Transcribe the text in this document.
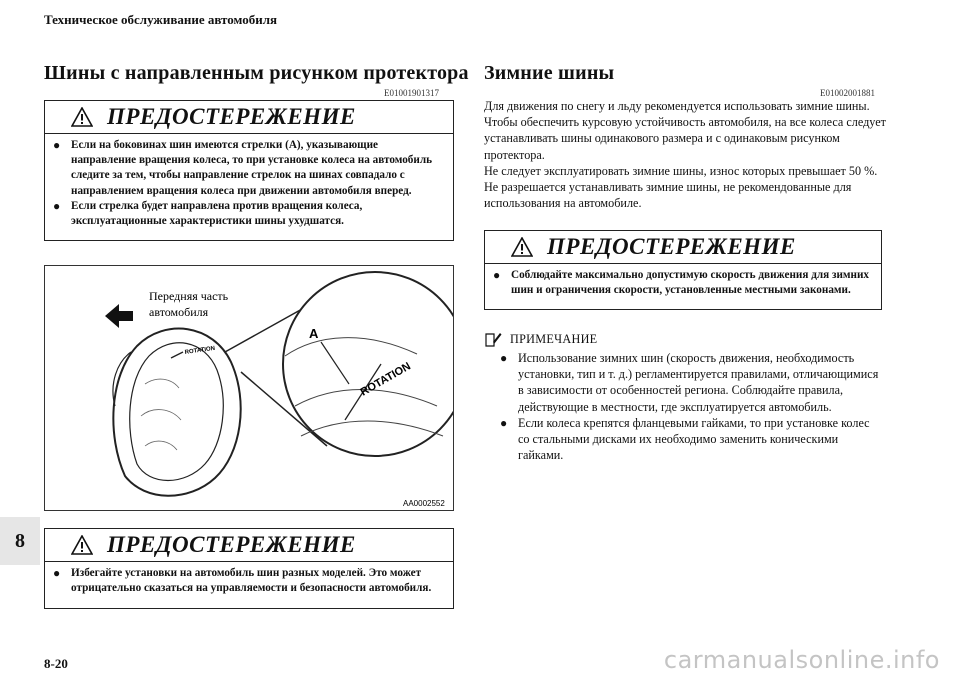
Техническое обслуживание автомобиля
Шины с направленным рисунком протектора
E01001901317
ПРЕДОСТЕРЕЖЕНИЕ
● Если на боковинах шин имеются стрелки (A), указывающие направление вращения колеса, то при установке колеса на автомобиль следите за тем, чтобы направление стрелок на шинах совпадало с направлением вращения колеса при движении автомобиля вперед.
● Если стрелка будет направлена против вращения колеса, эксплуатационные характеристики шины ухудшатся.
ROTATION
A
ROTATION
Передняя часть
автомобиля
AA0002552
ПРЕДОСТЕРЕЖЕНИЕ
● Избегайте установки на автомобиль шин разных моделей. Это может отрицательно сказаться на управляемости и безопасности автомобиля.
Зимние шины
E01002001881
Для движения по снегу и льду рекомендуется использовать зимние шины. Чтобы обеспечить курсовую устойчивость автомобиля, на все колеса следует устанавливать шины одинакового размера и с одинаковым рисунком протектора.
Не следует эксплуатировать зимние шины, износ которых превышает 50 %.
Не разрешается устанавливать зимние шины, не рекомендованные для использования на автомобиле.
ПРЕДОСТЕРЕЖЕНИЕ
● Соблюдайте максимально допустимую скорость движения для зимних шин и ограничения скорости, установленные местными законами.
ПРИМЕЧАНИЕ
● Использование зимних шин (скорость движения, необходимость установки, тип и т. д.) регламентируется правилами, отличающимися в зависимости от особенностей региона. Соблюдайте правила, действующие в местности, где эксплуатируется автомобиль.
● Если колеса крепятся фланцевыми гайками, то при установке колес со стальными дисками их необходимо заменить коническими гайками.
8
8-20	carmanualsonline.info
